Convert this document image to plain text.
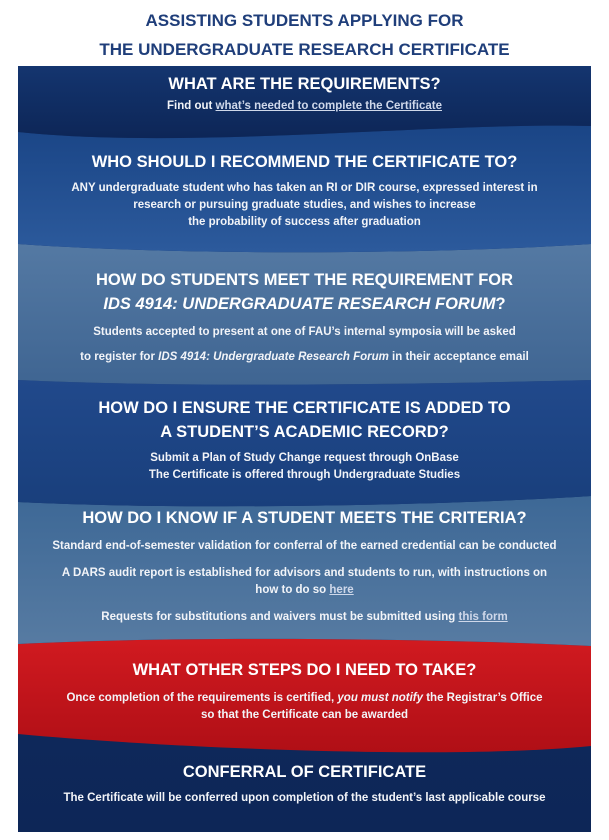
ASSISTING STUDENTS APPLYING FOR
THE UNDERGRADUATE RESEARCH CERTIFICATE
WHAT ARE THE REQUIREMENTS?
Find out what’s needed to complete the Certificate
WHO SHOULD I RECOMMEND THE CERTIFICATE TO?

ANY undergraduate student who has taken an RI or DIR course, expressed interest in

research or pursuing graduate studies, and wishes to increase

the probability of success after graduation

HOW DO STUDENTS MEET THE REQUIREMENT FOR
IDS 4914: UNDERGRADUATE RESEARCH FORUM?

Students accepted to present at one of FAU’s internal symposia will be asked

to register for IDS 4914: Undergraduate Research Forum in their acceptance email

HOW DO I ENSURE THE CERTIFICATE IS ADDED TO
A STUDENT’S ACADEMIC RECORD?

Submit a Plan of Study Change request through OnBase

The Certificate is offered through Undergraduate Studies

HOW DO I KNOW IF A STUDENT MEETS THE CRITERIA?

Standard end-of-semester validation for conferral of the earned credential can be conducted

A DARS audit report is established for advisors and students to run, with instructions on

how to do so here

Requests for substitutions and waivers must be submitted using this form

WHAT OTHER STEPS DO I NEED TO TAKE?

Once completion of the requirements is certified, you must notify the Registrar’s Office

so that the Certificate can be awarded

CONFERRAL OF CERTIFICATE

The Certificate will be conferred upon completion of the student’s last applicable course
